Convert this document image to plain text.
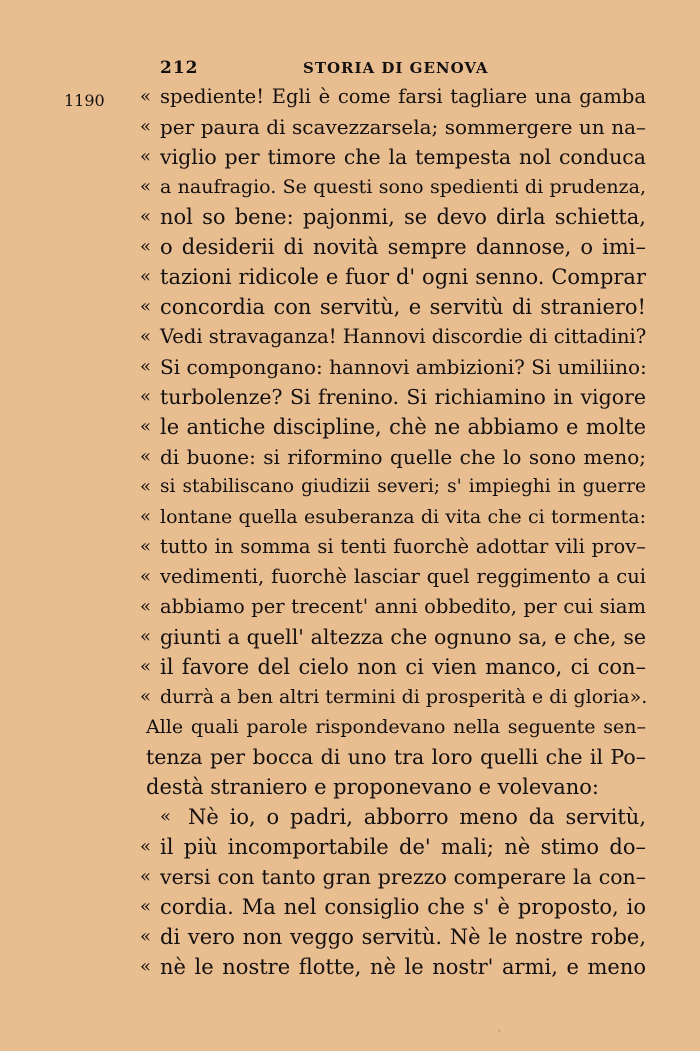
212	STORIA DI GENOVA
1190 « spediente! Egli è come farsi tagliare una gamba
« per paura di scavezzarsela; sommergere un na–
« viglio per timore che la tempesta nol conduca
« a naufragio. Se questi sono spedienti di prudenza,
« nol so bene: pajonmi, se devo dirla schietta,
« o desiderii di novità sempre dannose, o imi–
« tazioni ridicole e fuor d' ogni senno. Comprar
« concordia con servitù, e servitù di straniero!
« Vedi stravaganza! Hannovi discordie di cittadini?
« Si compongano: hannovi ambizioni? Si umiliino:
« turbolenze? Si frenino. Si richiamino in vigore
« le antiche discipline, chè ne abbiamo e molte
« di buone: si riformino quelle che lo sono meno;
« si stabiliscano giudizii severi; s' impieghi in guerre
« lontane quella esuberanza di vita che ci tormenta:
« tutto in somma si tenti fuorchè adottar vili prov–
« vedimenti, fuorchè lasciar quel reggimento a cui
« abbiamo per trecent' anni obbedito, per cui siam
« giunti a quell' altezza che ognuno sa, e che, se
« il favore del cielo non ci vien manco, ci con–
« durrà a ben altri termini di prosperità e di gloria».
Alle quali parole rispondevano nella seguente sen–
tenza per bocca di uno tra loro quelli che il Po–
destà straniero e proponevano e volevano:
« Nè io, o padri, abborro meno da servitù,
« il più incomportabile de' mali; nè stimo do–
« versi con tanto gran prezzo comperare la con–
« cordia. Ma nel consiglio che s' è proposto, io
« di vero non veggo servitù. Nè le nostre robe,
« nè le nostre flotte, nè le nostr' armi, e meno
·
